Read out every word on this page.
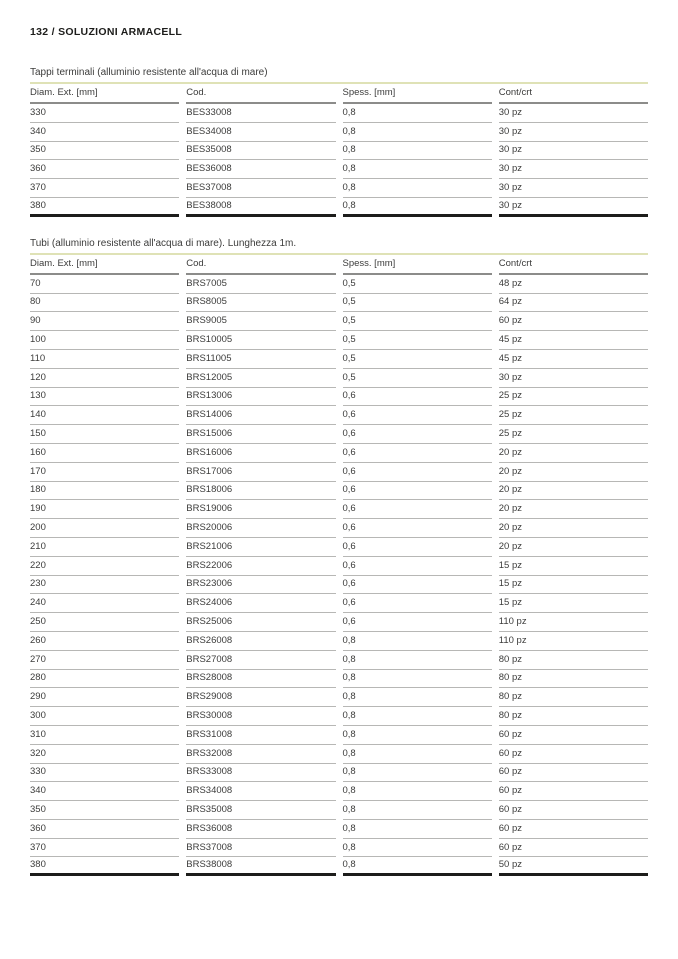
132 / SOLUZIONI ARMACELL
Tappi terminali (alluminio resistente all'acqua di mare)
Diam. Ext. [mm]	Cod.	Spess. [mm]	Cont/crt
330	BES33008	0,8	30 pz
340	BES34008	0,8	30 pz
350	BES35008	0,8	30 pz
360	BES36008	0,8	30 pz
370	BES37008	0,8	30 pz
380	BES38008	0,8	30 pz
Tubi (alluminio resistente all'acqua di mare). Lunghezza 1m.
Diam. Ext. [mm]	Cod.	Spess. [mm]	Cont/crt
70	BRS7005	0,5	48 pz
80	BRS8005	0,5	64 pz
90	BRS9005	0,5	60 pz
100	BRS10005	0,5	45 pz
110	BRS11005	0,5	45 pz
120	BRS12005	0,5	30 pz
130	BRS13006	0,6	25 pz
140	BRS14006	0,6	25 pz
150	BRS15006	0,6	25 pz
160	BRS16006	0,6	20 pz
170	BRS17006	0,6	20 pz
180	BRS18006	0,6	20 pz
190	BRS19006	0,6	20 pz
200	BRS20006	0,6	20 pz
210	BRS21006	0,6	20 pz
220	BRS22006	0,6	15 pz
230	BRS23006	0,6	15 pz
240	BRS24006	0,6	15 pz
250	BRS25006	0,6	110 pz
260	BRS26008	0,8	110 pz
270	BRS27008	0,8	80 pz
280	BRS28008	0,8	80 pz
290	BRS29008	0,8	80 pz
300	BRS30008	0,8	80 pz
310	BRS31008	0,8	60 pz
320	BRS32008	0,8	60 pz
330	BRS33008	0,8	60 pz
340	BRS34008	0,8	60 pz
350	BRS35008	0,8	60 pz
360	BRS36008	0,8	60 pz
370	BRS37008	0,8	60 pz
380	BRS38008	0,8	50 pz
